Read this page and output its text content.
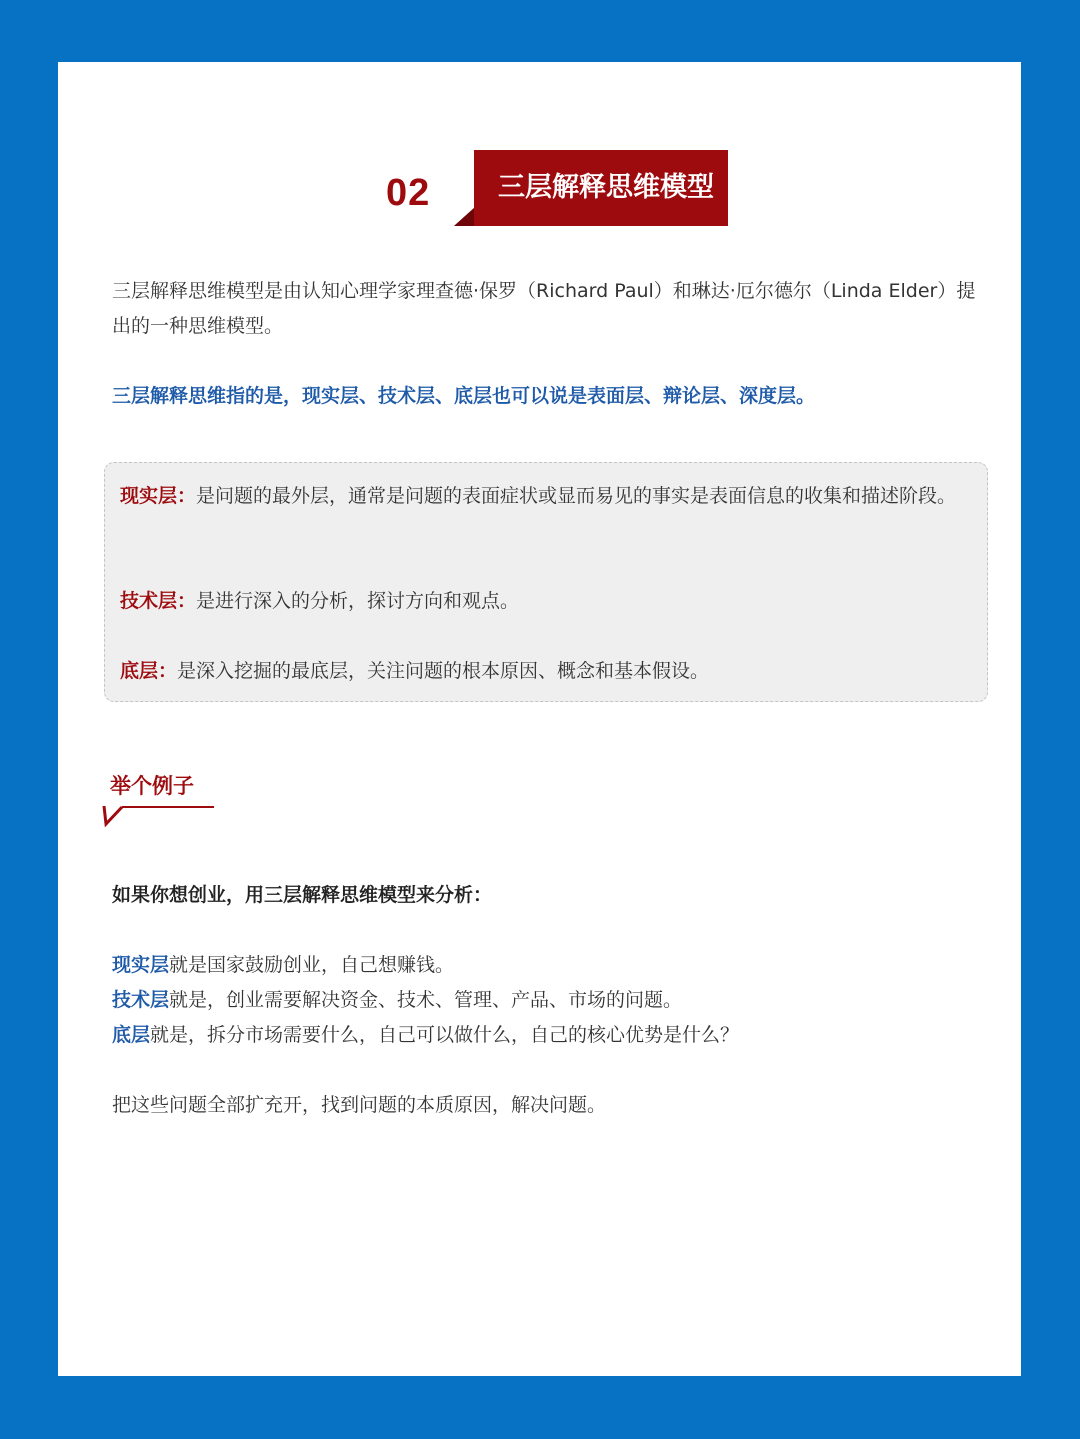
02	三层解释思维模型
三层解释思维模型是由认知心理学家理查德·保罗（Richard Paul）和琳达·厄尔德尔（Linda Elder）提出的一种思维模型。
三层解释思维指的是，现实层、技术层、底层也可以说是表面层、辩论层、深度层。
现实层：是问题的最外层，通常是问题的表面症状或显而易见的事实是表面信息的收集和描述阶段。
技术层：是进行深入的分析，探讨方向和观点。
底层：是深入挖掘的最底层，关注问题的根本原因、概念和基本假设。
举个例子
如果你想创业，用三层解释思维模型来分析：
现实层就是国家鼓励创业，自己想赚钱。
技术层就是，创业需要解决资金、技术、管理、产品、市场的问题。
底层就是，拆分市场需要什么，自己可以做什么，自己的核心优势是什么？
把这些问题全部扩充开，找到问题的本质原因，解决问题。
